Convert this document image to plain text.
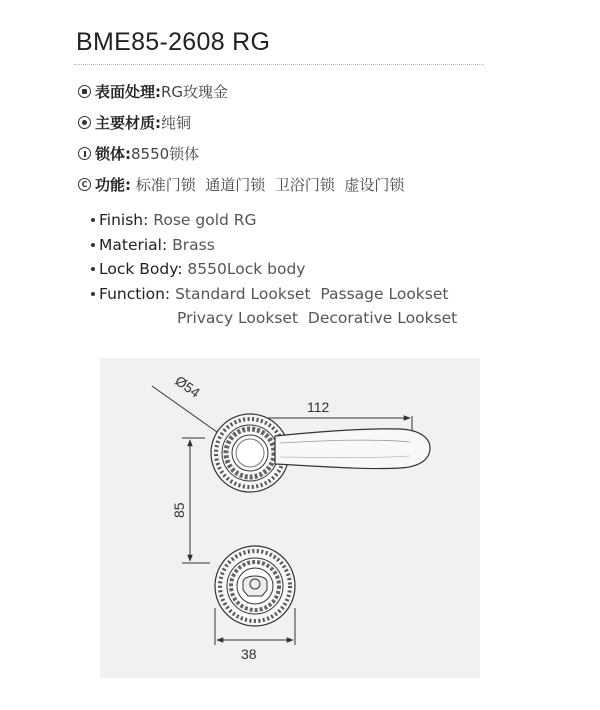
BME85-2608 RG
表面处理: RG玫瑰金
主要材质: 纯铜
锁体: 8550锁体
C 功能: 标准门锁  通道门锁  卫浴门锁  虚设门锁
Finish: Rose gold RG
Material: Brass
Lock Body: 8550Lock body
Function: Standard Lookset  Passage Lookset
Privacy Lookset  Decorative Lookset
Ø54
112
85
38
